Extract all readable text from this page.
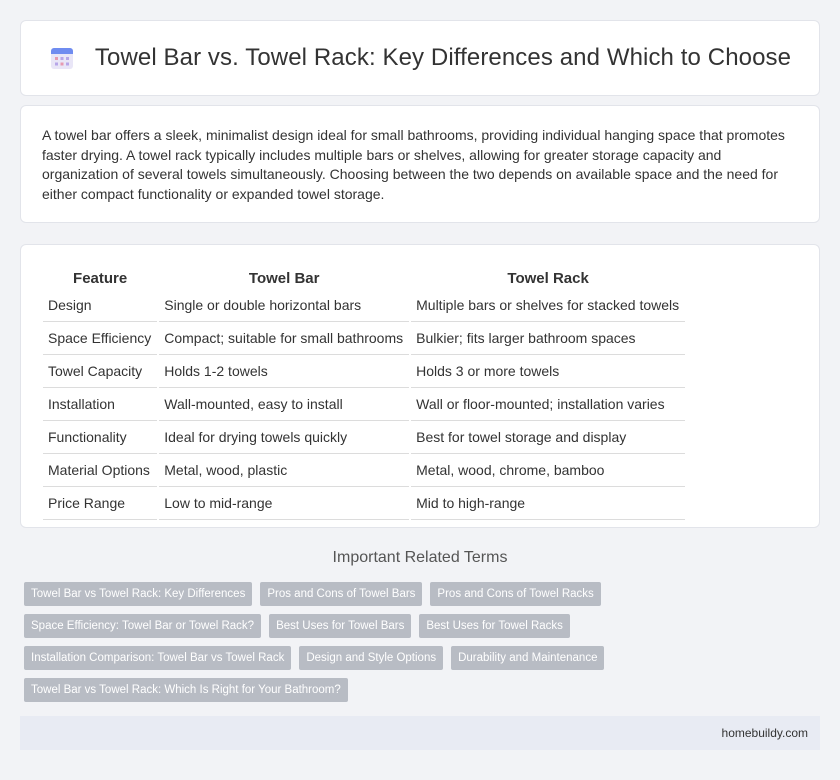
Towel Bar vs. Towel Rack: Key Differences and Which to Choose

A towel bar offers a sleek, minimalist design ideal for small bathrooms, providing individual hanging space that promotes faster drying. A towel rack typically includes multiple bars or shelves, allowing for greater storage capacity and organization of several towels simultaneously. Choosing between the two depends on available space and the need for either compact functionality or expanded towel storage.

Feature	Towel Bar	Towel Rack
Design	Single or double horizontal bars	Multiple bars or shelves for stacked towels
Space Efficiency	Compact; suitable for small bathrooms	Bulkier; fits larger bathroom spaces
Towel Capacity	Holds 1-2 towels	Holds 3 or more towels
Installation	Wall-mounted, easy to install	Wall or floor-mounted; installation varies
Functionality	Ideal for drying towels quickly	Best for towel storage and display
Material Options	Metal, wood, plastic	Metal, wood, chrome, bamboo
Price Range	Low to mid-range	Mid to high-range
Important Related Terms
Towel Bar vs Towel Rack: Key Differences	Pros and Cons of Towel Bars	Pros and Cons of Towel Racks
Space Efficiency: Towel Bar or Towel Rack?	Best Uses for Towel Bars	Best Uses for Towel Racks
Installation Comparison: Towel Bar vs Towel Rack	Design and Style Options	Durability and Maintenance
Towel Bar vs Towel Rack: Which Is Right for Your Bathroom?
homebuildy.com
